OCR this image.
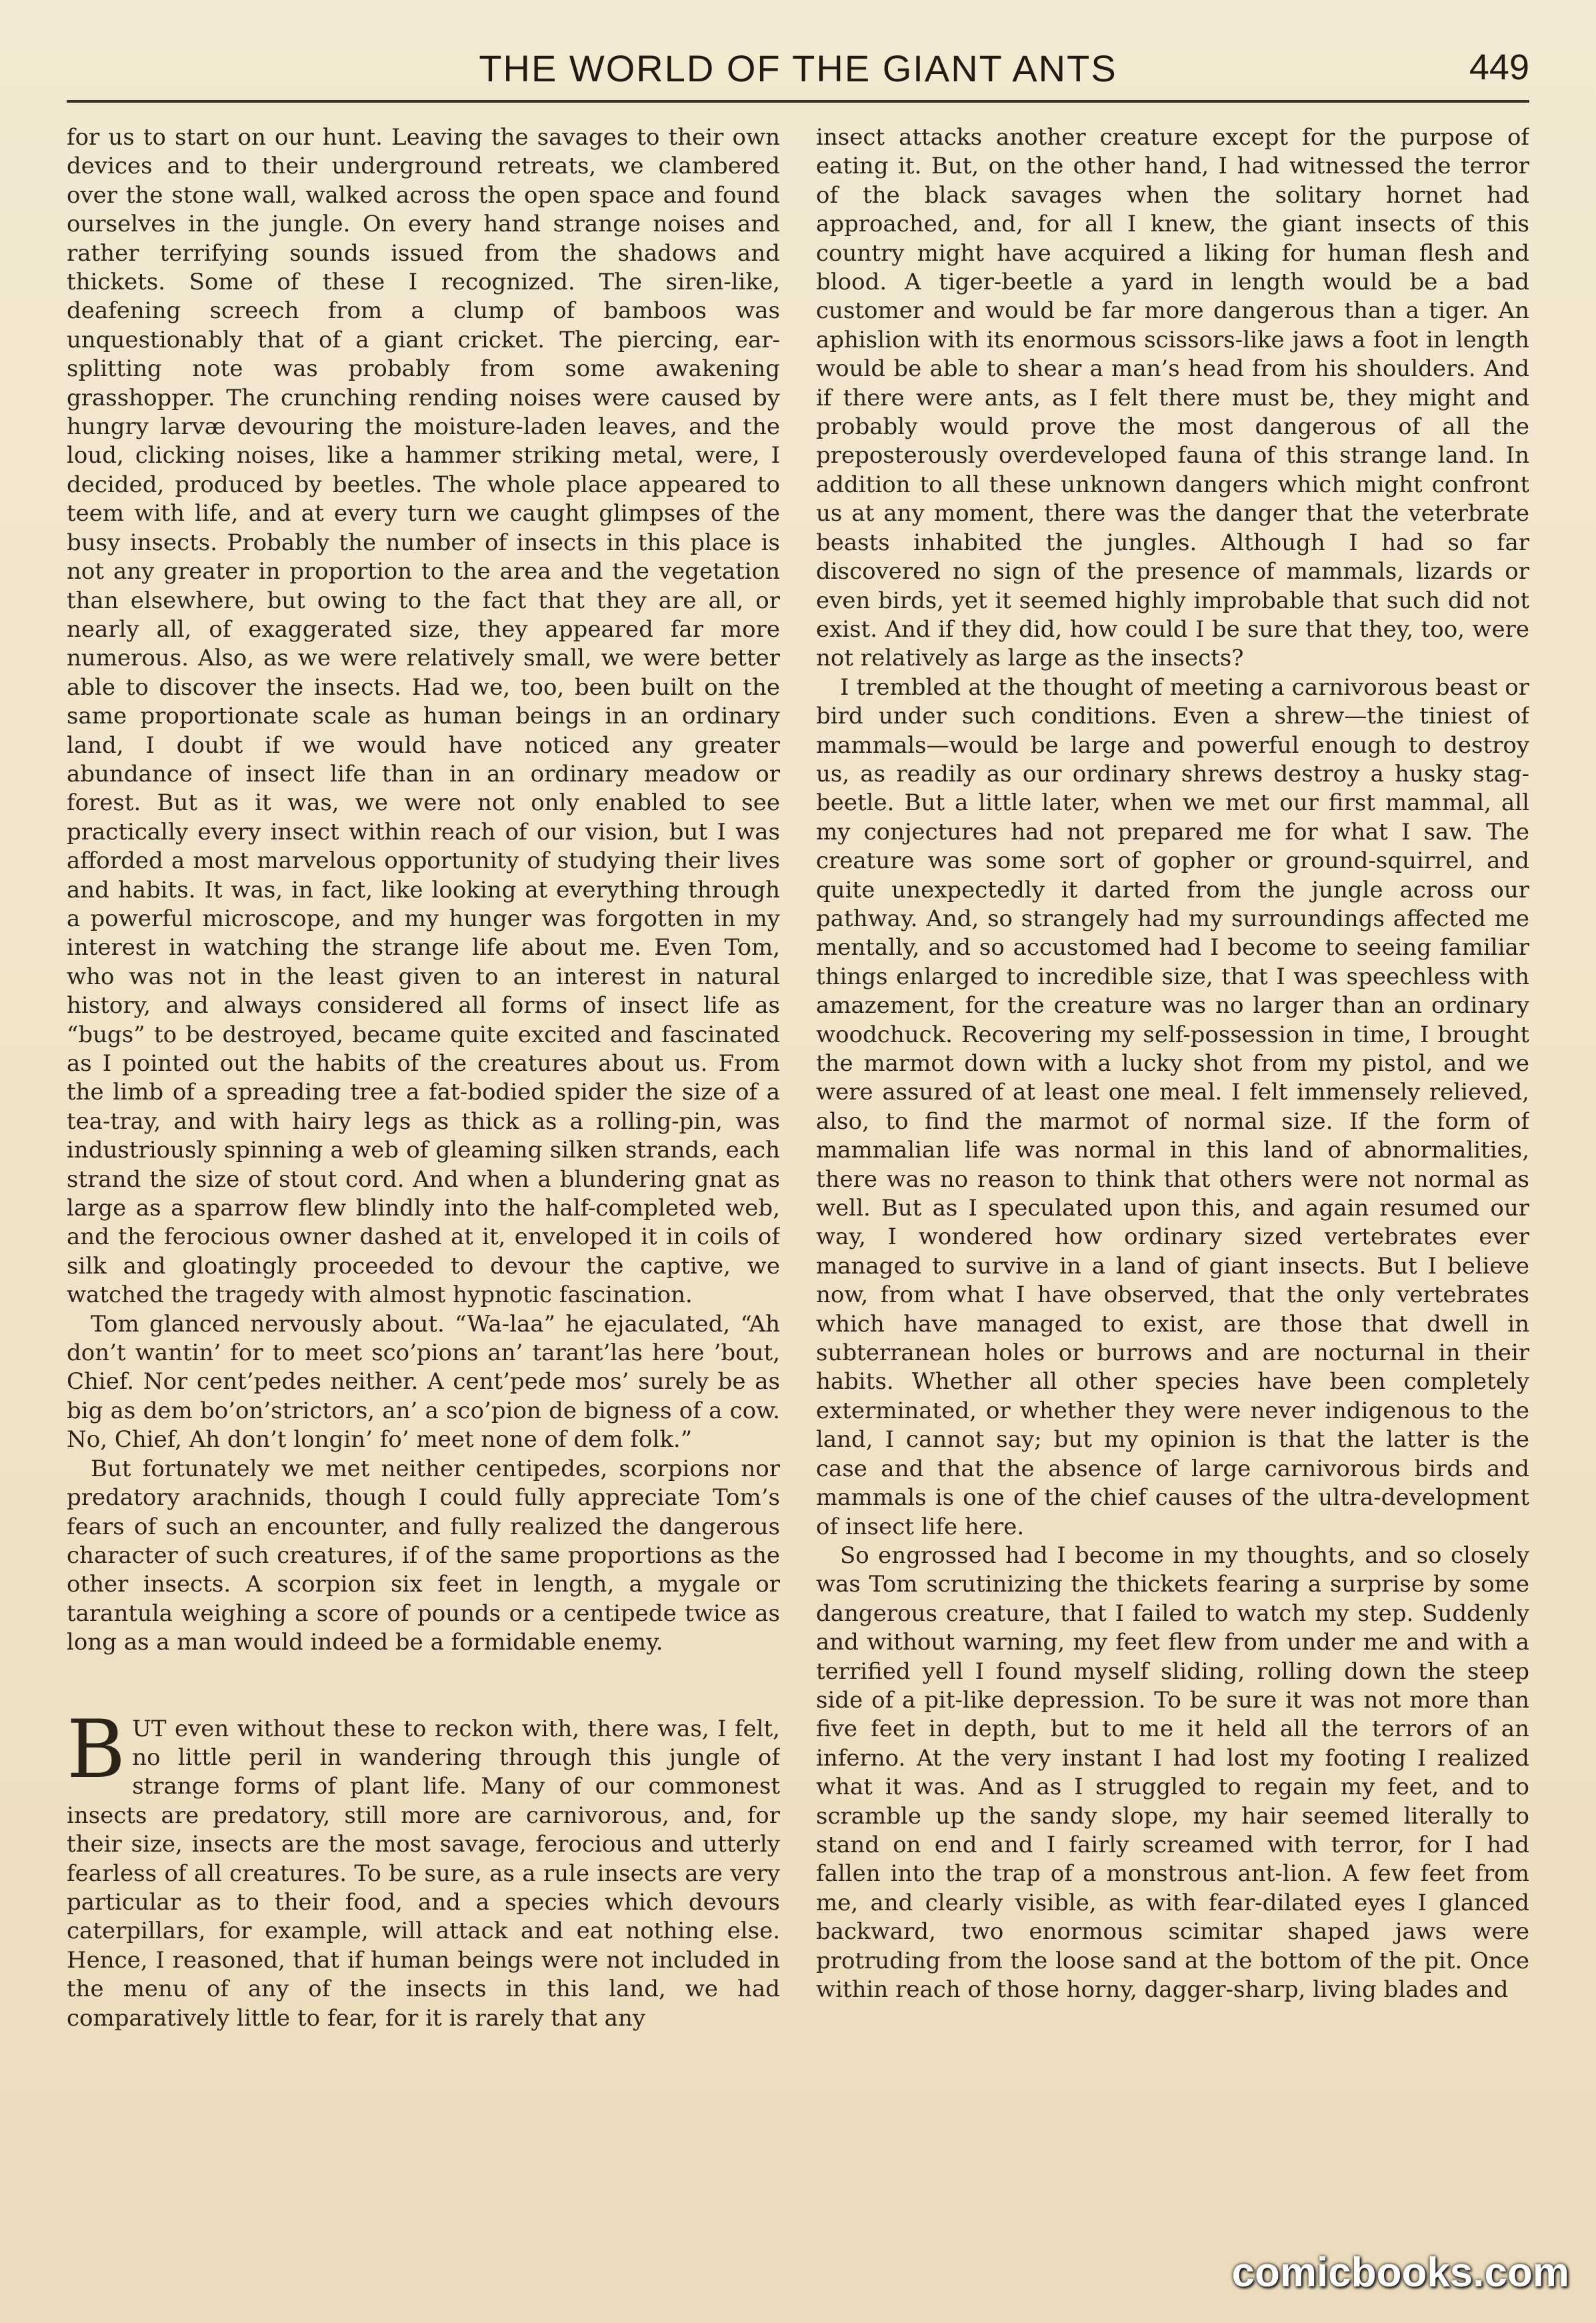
THE WORLD OF THE GIANT ANTS	449

for us to start on our hunt. Leaving the savages to their own devices and to their underground retreats, we clambered over the stone wall, walked across the open space and found ourselves in the jungle. On every hand strange noises and rather terrifying sounds issued from the shadows and thickets. Some of these I recognized. The siren-like, deafening screech from a clump of bamboos was unquestionably that of a giant cricket. The piercing, ear-splitting note was probably from some awakening grasshopper. The crunching rending noises were caused by hungry larvæ devouring the moisture-laden leaves, and the loud, clicking noises, like a hammer striking metal, were, I decided, produced by beetles. The whole place appeared to teem with life, and at every turn we caught glimpses of the busy insects. Probably the number of insects in this place is not any greater in proportion to the area and the vegetation than elsewhere, but owing to the fact that they are all, or nearly all, of exaggerated size, they appeared far more numerous. Also, as we were relatively small, we were better able to discover the insects. Had we, too, been built on the same proportionate scale as human beings in an ordinary land, I doubt if we would have noticed any greater abundance of insect life than in an ordinary meadow or forest. But as it was, we were not only enabled to see practically every insect within reach of our vision, but I was afforded a most marvelous opportunity of studying their lives and habits. It was, in fact, like looking at everything through a powerful microscope, and my hunger was forgotten in my interest in watching the strange life about me. Even Tom, who was not in the least given to an interest in natural history, and always considered all forms of insect life as “bugs” to be destroyed, became quite excited and fascinated as I pointed out the habits of the creatures about us. From the limb of a spreading tree a fat-bodied spider the size of a tea-tray, and with hairy legs as thick as a rolling-pin, was industriously spinning a web of gleaming silken strands, each strand the size of stout cord. And when a blundering gnat as large as a sparrow flew blindly into the half-completed web, and the ferocious owner dashed at it, enveloped it in coils of silk and gloatingly proceeded to devour the captive, we watched the tragedy with almost hypnotic fascination.

Tom glanced nervously about. “Wa-laa” he ejaculated, “Ah don’t wantin’ for to meet sco’pions an’ tarant’las here ’bout, Chief. Nor cent’pedes neither. A cent’pede mos’ surely be as big as dem bo’on’strictors, an’ a sco’pion de bigness of a cow. No, Chief, Ah don’t longin’ fo’ meet none of dem folk.”

But fortunately we met neither centipedes, scorpions nor predatory arachnids, though I could fully appreciate Tom’s fears of such an encounter, and fully realized the dangerous character of such creatures, if of the same proportions as the other insects. A scorpion six feet in length, a mygale or tarantula weighing a score of pounds or a centipede twice as long as a man would indeed be a formidable enemy.

BUT even without these to reckon with, there was, I felt, no little peril in wandering through this jungle of strange forms of plant life. Many of our commonest insects are predatory, still more are carnivorous, and, for their size, insects are the most savage, ferocious and utterly fearless of all creatures. To be sure, as a rule insects are very particular as to their food, and a species which devours caterpillars, for example, will attack and eat nothing else. Hence, I reasoned, that if human beings were not included in the menu of any of the insects in this land, we had comparatively little to fear, for it is rarely that any

insect attacks another creature except for the purpose of eating it. But, on the other hand, I had witnessed the terror of the black savages when the solitary hornet had approached, and, for all I knew, the giant insects of this country might have acquired a liking for human flesh and blood. A tiger-beetle a yard in length would be a bad customer and would be far more dangerous than a tiger. An aphislion with its enormous scissors-like jaws a foot in length would be able to shear a man’s head from his shoulders. And if there were ants, as I felt there must be, they might and probably would prove the most dangerous of all the preposterously overdeveloped fauna of this strange land. In addition to all these unknown dangers which might confront us at any moment, there was the danger that the veterbrate beasts inhabited the jungles. Although I had so far discovered no sign of the presence of mammals, lizards or even birds, yet it seemed highly improbable that such did not exist. And if they did, how could I be sure that they, too, were not relatively as large as the insects?

I trembled at the thought of meeting a carnivorous beast or bird under such conditions. Even a shrew—the tiniest of mammals—would be large and powerful enough to destroy us, as readily as our ordinary shrews destroy a husky stag-beetle. But a little later, when we met our first mammal, all my conjectures had not prepared me for what I saw. The creature was some sort of gopher or ground-squirrel, and quite unexpectedly it darted from the jungle across our pathway. And, so strangely had my surroundings affected me mentally, and so accustomed had I become to seeing familiar things enlarged to incredible size, that I was speechless with amazement, for the creature was no larger than an ordinary woodchuck. Recovering my self-possession in time, I brought the marmot down with a lucky shot from my pistol, and we were assured of at least one meal. I felt immensely relieved, also, to find the marmot of normal size. If the form of mammalian life was normal in this land of abnormalities, there was no reason to think that others were not normal as well. But as I speculated upon this, and again resumed our way, I wondered how ordinary sized vertebrates ever managed to survive in a land of giant insects. But I believe now, from what I have observed, that the only vertebrates which have managed to exist, are those that dwell in subterranean holes or burrows and are nocturnal in their habits. Whether all other species have been completely exterminated, or whether they were never indigenous to the land, I cannot say; but my opinion is that the latter is the case and that the absence of large carnivorous birds and mammals is one of the chief causes of the ultra-development of insect life here.

So engrossed had I become in my thoughts, and so closely was Tom scrutinizing the thickets fearing a surprise by some dangerous creature, that I failed to watch my step. Suddenly and without warning, my feet flew from under me and with a terrified yell I found myself sliding, rolling down the steep side of a pit-like depression. To be sure it was not more than five feet in depth, but to me it held all the terrors of an inferno. At the very instant I had lost my footing I realized what it was. And as I struggled to regain my feet, and to scramble up the sandy slope, my hair seemed literally to stand on end and I fairly screamed with terror, for I had fallen into the trap of a monstrous ant-lion. A few feet from me, and clearly visible, as with fear-dilated eyes I glanced backward, two enormous scimitar shaped jaws were protruding from the loose sand at the bottom of the pit. Once within reach of those horny, dagger-sharp, living blades and

comicbooks.com
